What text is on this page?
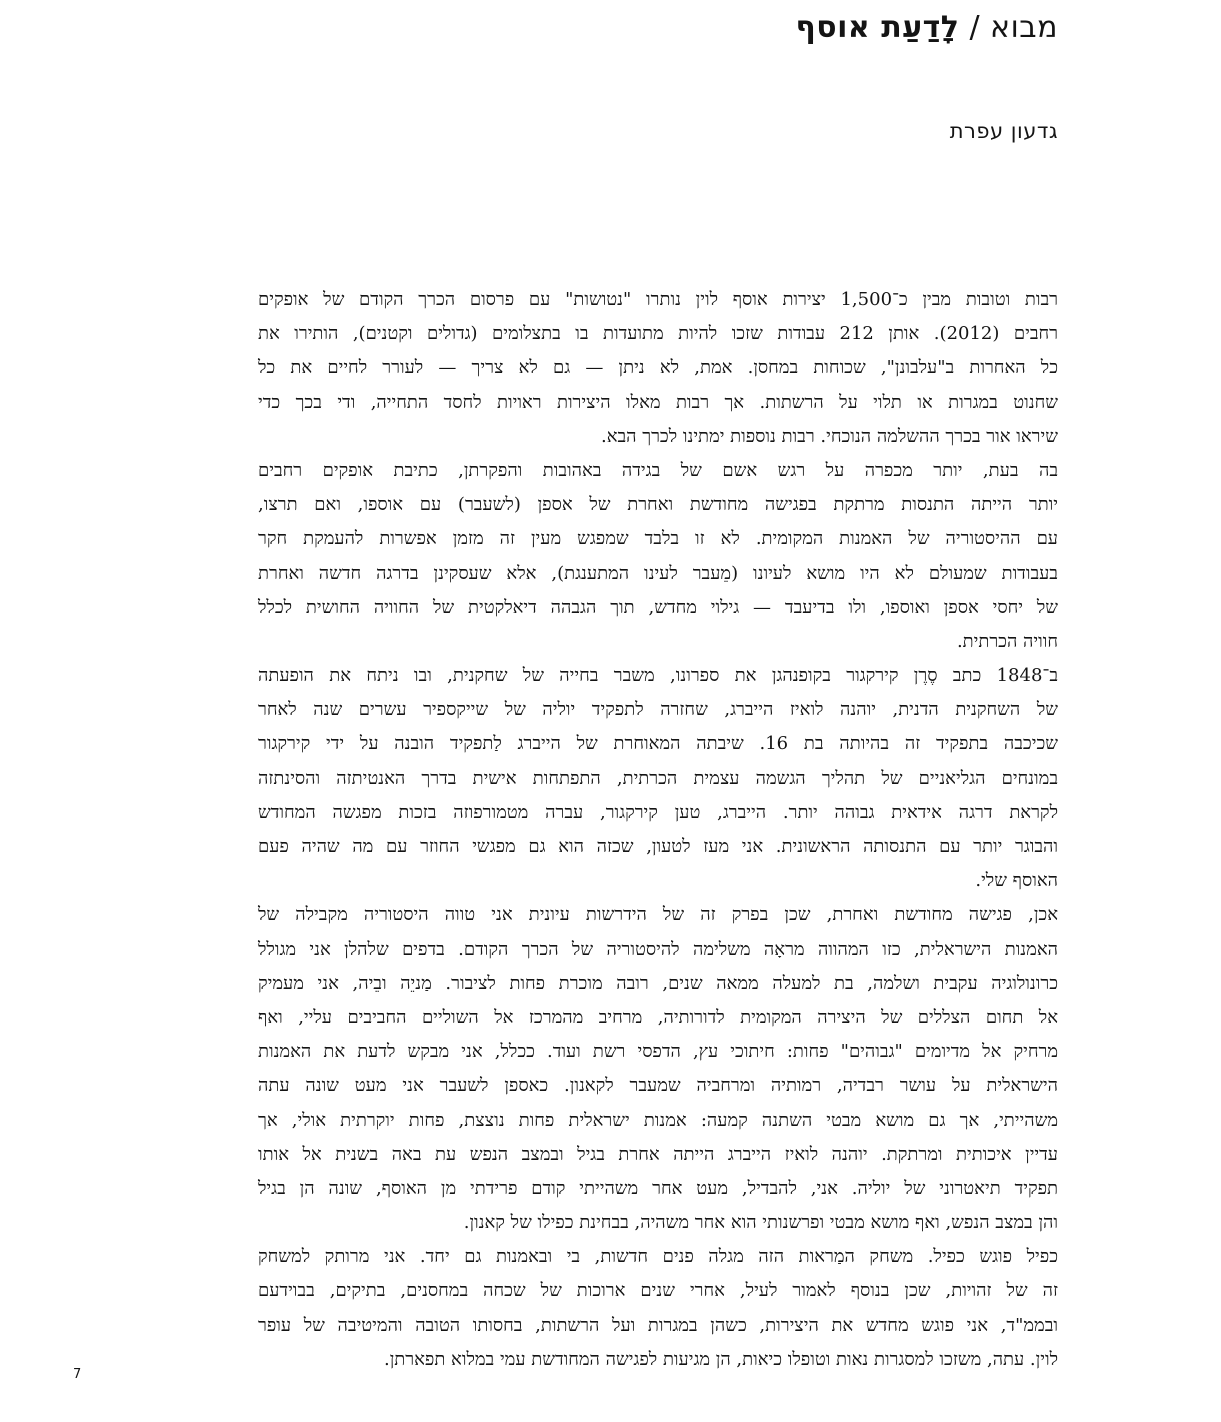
מבוא/לָדַעַת אוסף
גדעון עפרת
רבות וטובות מבין כ־1,500 יצירות אוסף לוין נותרו "נטושות" עם פרסום הכרך הקודם של אופקים
רחבים (2012). אותן 212 עבודות שזכו להיות מתועדות בו בתצלומים (גדולים וקטנים), הותירו את
כל האחרות ב"עלבונן", שכוחות במחסן. אמת, לא ניתן — גם לא צריך — לעורר לחיים את כל
שחנוט במגרות או תלוי על הרשתות. אך רבות מאלו היצירות ראויות לחסד התחייה, ודי בכך כדי
שיראו אור בכרך ההשלמה הנוכחי. רבות נוספות ימתינו לכרך הבא.
בה בעת, יותר מכפרה על רגש אשם של בגידה באהובות והפקרתן, כתיבת אופקים רחבים
יותר הייתה התנסות מרתקת בפגישה מחודשת ואחרת של אספן (לשעבר) עם אוספו, ואם תרצו,
עם ההיסטוריה של האמנות המקומית. לא זו בלבד שמפגש מעין זה מזמן אפשרות להעמקת חקר
בעבודות שמעולם לא היו מושא לעיונו (מֵעבר לעינו המתענגת), אלא שעסקינן בדרגה חדשה ואחרת
של יחסי אספן ואוספו, ולו בדיעבד — גילוי מחדש, תוך הגבהה דיאלקטית של החוויה החושית לכלל
חוויה הכרתית.
ב־1848 כתב סֶרֶן קירקגור בקופנהגן את ספרונו, משבר בחייה של שחקנית, ובו ניתח את הופעתה
של השחקנית הדנית, יוהנה לואיז הייברג, שחזרה לתפקיד יוליה של שייקספיר עשרים שנה לאחר
שכיכבה בתפקיד זה בהיותה בת 16. שיבתה המאוחרת של הייברג לַתפקיד הובנה על ידי קירקגור
במונחים הגליאניים של תהליך הגשמה עצמית הכרתית, התפתחות אישית בדרך האנטיתזה והסינתזה
לקראת דרגה אידאית גבוהה יותר. הייברג, טען קירקגור, עברה מטמורפוזה בזכות מפגשה המחודש
והבוגר יותר עם התנסותה הראשונית. אני מעז לטעון, שכזה הוא גם מפגשי החוזר עם מה שהיה פעם
האוסף שלי.
אכן, פגישה מחודשת ואחרת, שכן בפרק זה של הידרשות עיונית אני טווה היסטוריה מקבילה של
האמנות הישראלית, כזו המהווה מראָה משלימה להיסטוריה של הכרך הקודם. בדפים שלהלן אני מגולל
כרונולוגיה עקבית ושלמה, בת למעלה ממאה שנים, רובה מוכרת פחות לציבור. מַניֵה ובֵיה, אני מעמיק
אל תחום הצללים של היצירה המקומית לדורותיה, מרחיב מהמרכז אל השוליים החביבים עליי, ואף
מרחיק אל מדיומים "גבוהים" פחות: חיתוכי עץ, הדפסי רשת ועוד. ככלל, אני מבקש לדעת את האמנות
הישראלית על עושר רבדיה, רמותיה ומרחביה שמעבר לקאנון. כאספן לשעבר אני מעט שונה עתה
משהייתי, אך גם מושא מבטי השתנה קמעה: אמנות ישראלית פחות נוצצת, פחות יוקרתית אולי, אך
עדיין איכותית ומרתקת. יוהנה לואיז הייברג הייתה אחרת בגיל ובמצב הנפש עת באה בשנית אל אותו
תפקיד תיאטרוני של יוליה. אני, להבדיל, מעט אחר משהייתי קודם פרידתי מן האוסף, שונה הן בגיל
והן במצב הנפש, ואף מושא מבטי ופרשנותי הוא אחר משהיה, בבחינת כפילו של קאנון.
כפיל פוגש כפיל. משחק המַראות הזה מגלה פנים חדשות, בי ובאמנות גם יחד. אני מרותק למשחק
זה של זהויות, שכן בנוסף לאמור לעיל, אחרי שנים ארוכות של שכחה במחסנים, בתיקים, בבוידעם
ובממ"ד, אני פוגש מחדש את היצירות, כשהן במגרות ועל הרשתות, בחסותו הטובה והמיטיבה של עופר
לוין. עתה, משזכו למסגרות נאות וטופלו כיאות, הן מגיעות לפגישה המחודשת עמי במלוא תפארתן.
7
